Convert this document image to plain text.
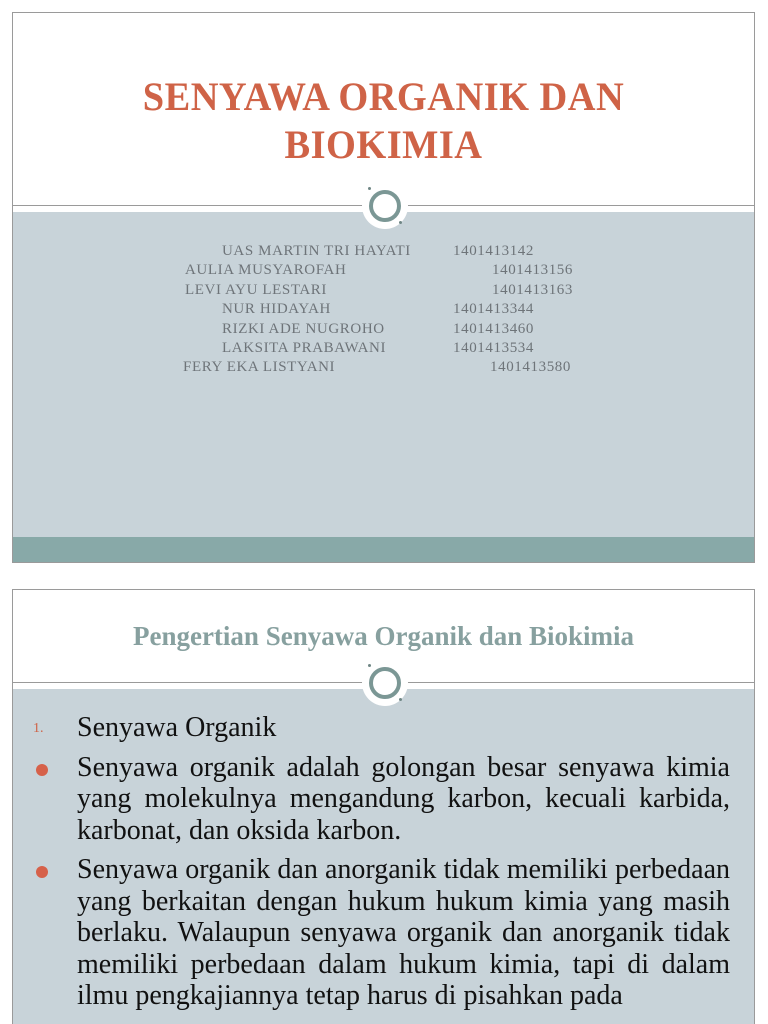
SENYAWA ORGANIK DAN
BIOKIMIA
UAS MARTIN TRI HAYATI	1401413142
AULIA MUSYAROFAH	1401413156
LEVI AYU LESTARI	1401413163
NUR HIDAYAH	1401413344
RIZKI ADE NUGROHO	1401413460
LAKSITA PRABAWANI	1401413534
FERY EKA LISTYANI	1401413580
Pengertian Senyawa Organik dan Biokimia
1. Senyawa Organik
Senyawa organik adalah golongan besar senyawa kimia yang molekulnya mengandung karbon, kecuali karbida, karbonat, dan oksida karbon.
Senyawa organik dan anorganik tidak memiliki perbedaan yang berkaitan dengan hukum hukum kimia yang masih berlaku. Walaupun senyawa organik dan anorganik tidak memiliki perbedaan dalam hukum kimia, tapi di dalam ilmu pengkajiannya tetap harus di pisahkan pada
